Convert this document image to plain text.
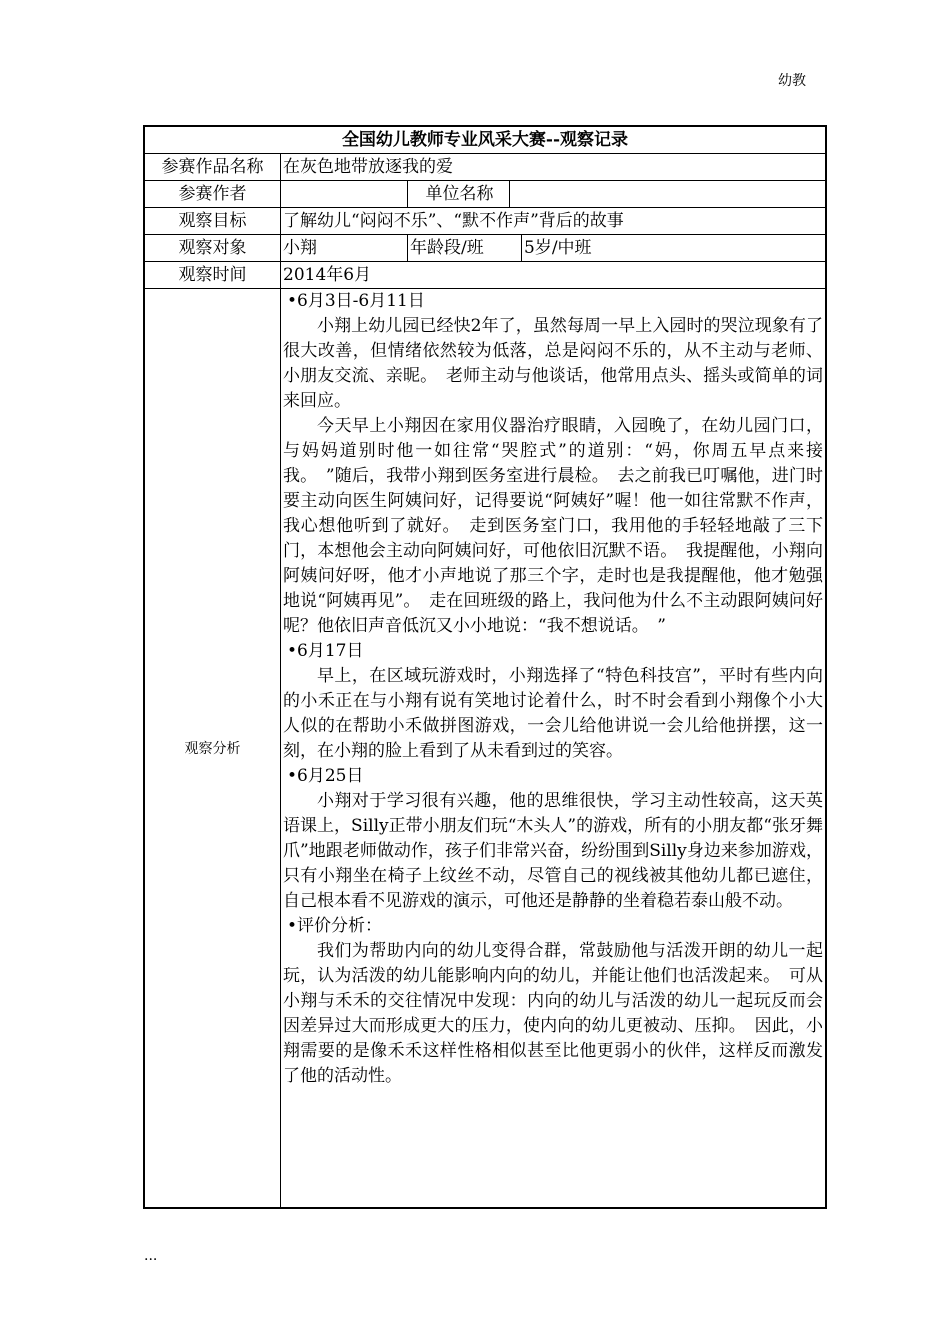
幼教
全国幼儿教师专业风采大赛--观察记录
参赛作品名称	在灰色地带放逐我的爱
参赛作者	单位名称
观察目标	了解幼儿“闷闷不乐”、“默不作声”背后的故事
观察对象	小翔	年龄段/班	5岁/中班
观察时间	2014年6月
观察分析

•6月3日-6月11日

小翔上幼儿园已经快2年了，虽然每周一早上入园时的哭泣现象有了很大改善，但情绪依然较为低落，总是闷闷不乐的，从不主动与老师、小朋友交流、亲昵。　老师主动与他谈话，他常用点头、摇头或简单的词来回应。

今天早上小翔因在家用仪器治疗眼睛，入园晚了，在幼儿园门口，与妈妈道别时他一如往常“哭腔式”的道别：“妈，你周五早点来接我。　”随后，我带小翔到医务室进行晨检。　去之前我已叮嘱他，进门时要主动向医生阿姨问好，记得要说“阿姨好”喔！他一如往常默不作声，我心想他听到了就好。　走到医务室门口，我用他的手轻轻地敲了三下门，本想他会主动向阿姨问好，可他依旧沉默不语。　我提醒他，小翔向阿姨问好呀，他才小声地说了那三个字，走时也是我提醒他，他才勉强地说“阿姨再见”。　走在回班级的路上，我问他为什么不主动跟阿姨问好呢？他依旧声音低沉又小小地说：“我不想说话。　”

•6月17日

早上，在区域玩游戏时，小翔选择了“特色科技宫”，平时有些内向的小禾正在与小翔有说有笑地讨论着什么，时不时会看到小翔像个小大人似的在帮助小禾做拼图游戏，一会儿给他讲说一会儿给他拼摆，这一刻，在小翔的脸上看到了从未看到过的笑容。

•6月25日

小翔对于学习很有兴趣，他的思维很快，学习主动性较高，这天英语课上，Silly正带小朋友们玩“木头人”的游戏，所有的小朋友都“张牙舞爪”地跟老师做动作，孩子们非常兴奋，纷纷围到Silly身边来参加游戏，只有小翔坐在椅子上纹丝不动，尽管自己的视线被其他幼儿都已遮住，自己根本看不见游戏的演示，可他还是静静的坐着稳若泰山般不动。

•评价分析：

我们为帮助内向的幼儿变得合群，常鼓励他与活泼开朗的幼儿一起玩，认为活泼的幼儿能影响内向的幼儿，并能让他们也活泼起来。　可从小翔与禾禾的交往情况中发现：内向的幼儿与活泼的幼儿一起玩反而会因差异过大而形成更大的压力，使内向的幼儿更被动、压抑。　因此，小翔需要的是像禾禾这样性格相似甚至比他更弱小的伙伴，这样反而激发了他的活动性。

...
